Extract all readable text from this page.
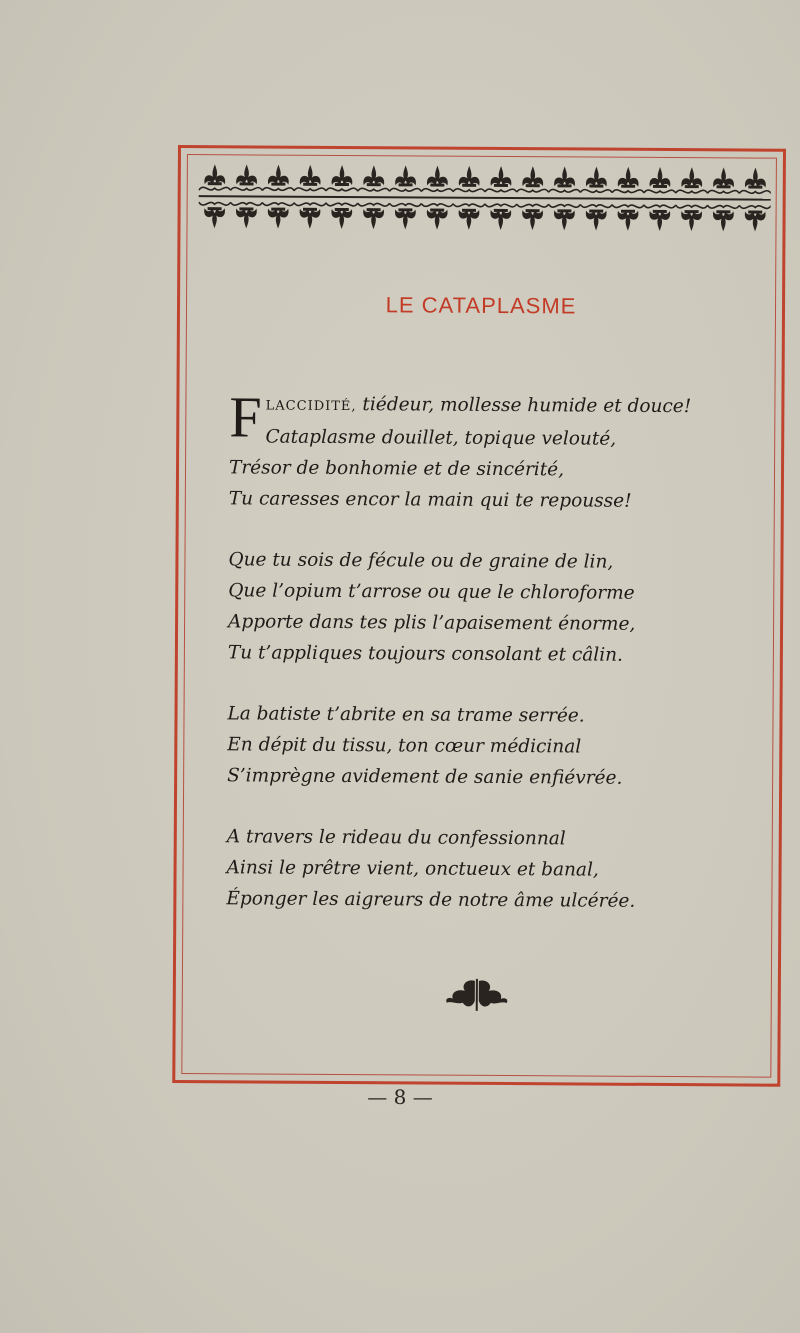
LE CATAPLASME
F LACCIDITÉ, tiédeur, mollesse humide et douce!
Cataplasme douillet, topique velouté,
Trésor de bonhomie et de sincérité,
Tu caresses encor la main qui te repousse!
Que tu sois de fécule ou de graine de lin,
Que l’opium t’arrose ou que le chloroforme
Apporte dans tes plis l’apaisement énorme,
Tu t’appliques toujours consolant et câlin.
La batiste t’abrite en sa trame serrée.
En dépit du tissu, ton cœur médicinal
S’imprègne avidement de sanie enfiévrée.
A travers le rideau du confessionnal
Ainsi le prêtre vient, onctueux et banal,
Éponger les aigreurs de notre âme ulcérée.
— 8 —
